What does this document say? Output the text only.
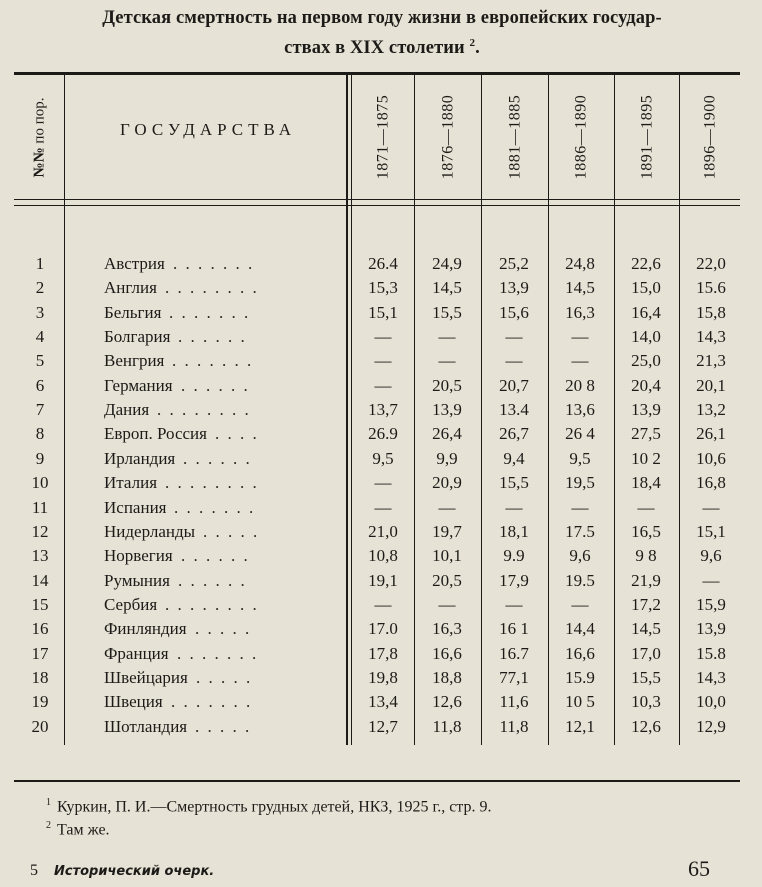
Детская смертность на первом году жизни в европейских государ-
ствах в XIX столетии $^2$.
№№ по пор.	ГОСУДАРСТВА	1871—1875	1876—1880	1881—1885	1886—1890	1891—1895	1896—1900
1	Австрия . . . . . . .	26.4	24,9	25,2	24,8	22,6	22,0
2	Англия . . . . . . . .	15,3	14,5	13,9	14,5	15,0	15.6
3	Бельгия . . . . . . .	15,1	15,5	15,6	16,3	16,4	15,8
4	Болгария . . . . . .	—	—	—	—	14,0	14,3
5	Венгрия . . . . . . .	—	—	—	—	25,0	21,3
6	Германия . . . . . .	—	20,5	20,7	20 8	20,4	20,1
7	Дания . . . . . . . .	13,7	13,9	13.4	13,6	13,9	13,2
8	Европ. Россия . . . .	26.9	26,4	26,7	26 4	27,5	26,1
9	Ирландия . . . . . .	9,5	9,9	9,4	9,5	10 2	10,6
10	Италия . . . . . . . .	—	20,9	15,5	19,5	18,4	16,8
11	Испания . . . . . . .	—	—	—	—	—	—
12	Нидерланды . . . . .	21,0	19,7	18,1	17.5	16,5	15,1
13	Норвегия . . . . . .	10,8	10,1	9.9	9,6	9 8	9,6
14	Румыния . . . . . .	19,1	20,5	17,9	19.5	21,9	—
15	Сербия . . . . . . . .	—	—	—	—	17,2	15,9
16	Финляндия . . . . .	17.0	16,3	16 1	14,4	14,5	13,9
17	Франция . . . . . . .	17,8	16,6	16.7	16,6	17,0	15.8
18	Швейцария . . . . .	19,8	18,8	77,1	15.9	15,5	14,3
19	Швеция . . . . . . .	13,4	12,6	11,6	10 5	10,3	10,0
20	Шотландия . . . . .	12,7	11,8	11,8	12,1	12,6	12,9
$^1$ Куркин, П. И.—Смертность грудных детей, НКЗ, 1925 г., стр. 9.
$^2$ Там же.
5 Исторический очерк.	65
